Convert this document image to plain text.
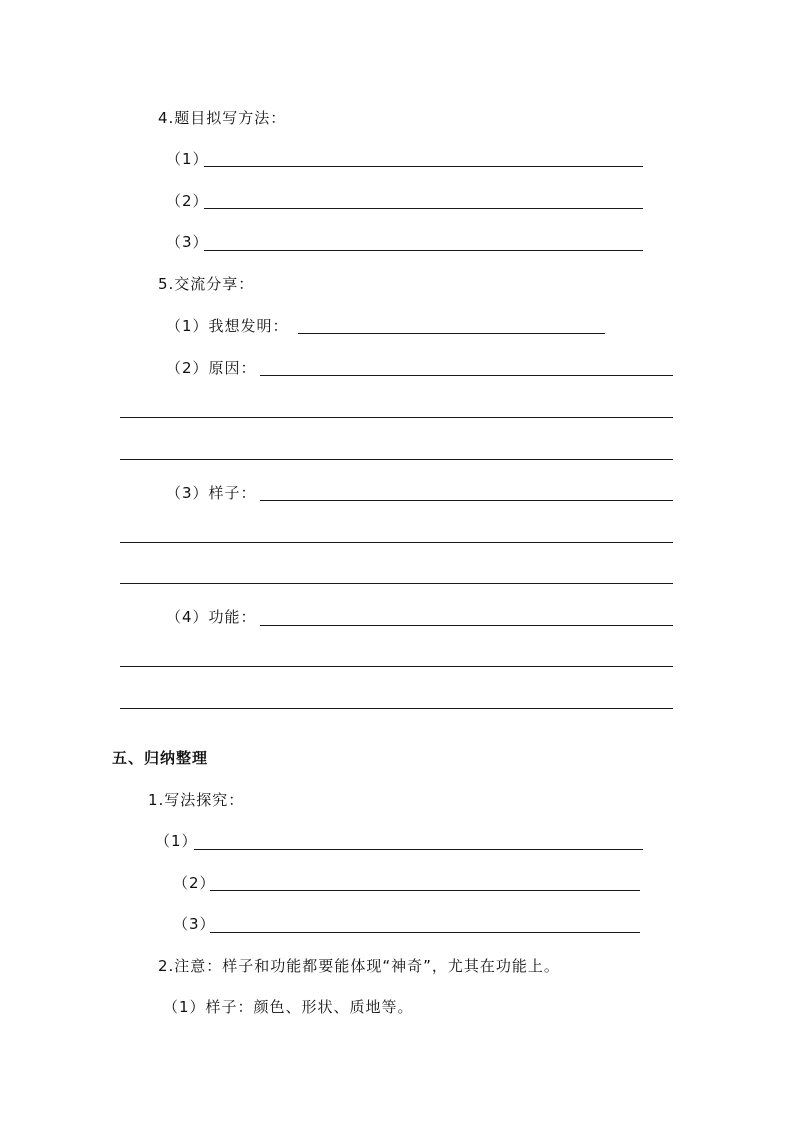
4.题目拟写方法：
（1）
（2）
（3）
5.交流分享：
（1）我想发明：
（2）原因：
（3）样子：
（4）功能：
五、归纳整理
1.写法探究：
（1）
（2）
（3）
2.注意：样子和功能都要能体现“神奇”，尤其在功能上。
（1）样子：颜色、形状、质地等。
